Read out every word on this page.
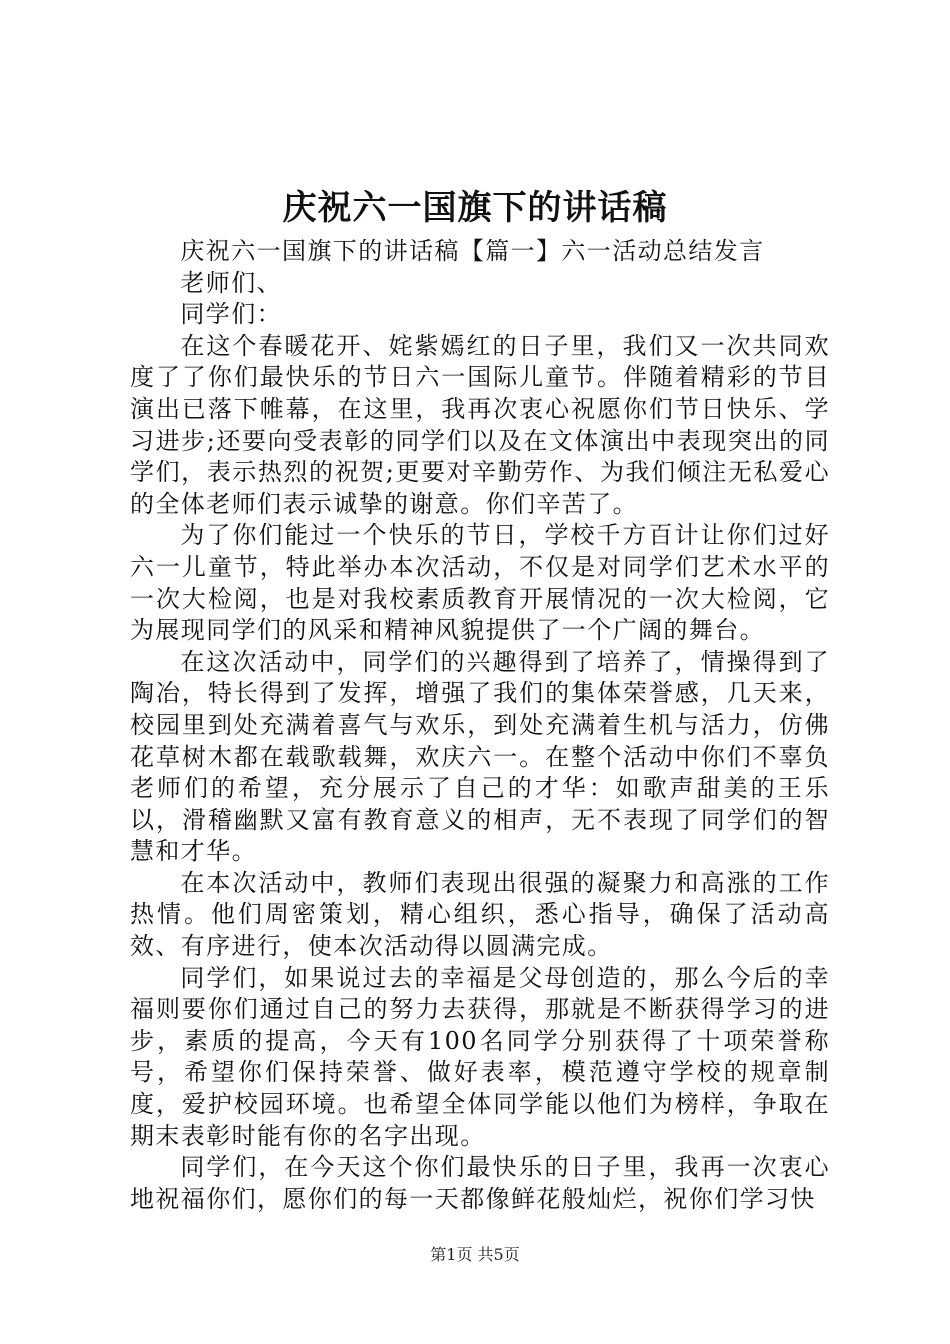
庆祝六一国旗下的讲话稿

庆祝六一国旗下的讲话稿【篇一】六一活动总结发言

老师们、

同学们：

在这个春暖花开、姹紫嫣红的日子里，我们又一次共同欢度了了你们最快乐的节日六一国际儿童节。伴随着精彩的节目演出已落下帷幕，在这里，我再次衷心祝愿你们节日快乐、学习进步;还要向受表彰的同学们以及在文体演出中表现突出的同学们，表示热烈的祝贺;更要对辛勤劳作、为我们倾注无私爱心的全体老师们表示诚挚的谢意。你们辛苦了。

为了你们能过一个快乐的节日，学校千方百计让你们过好六一儿童节，特此举办本次活动，不仅是对同学们艺术水平的一次大检阅，也是对我校素质教育开展情况的一次大检阅，它为展现同学们的风采和精神风貌提供了一个广阔的舞台。

在这次活动中，同学们的兴趣得到了培养了，情操得到了陶冶，特长得到了发挥，增强了我们的集体荣誉感，几天来，校园里到处充满着喜气与欢乐，到处充满着生机与活力，仿佛花草树木都在载歌载舞，欢庆六一。在整个活动中你们不辜负老师们的希望，充分展示了自己的才华：如歌声甜美的王乐以，滑稽幽默又富有教育意义的相声，无不表现了同学们的智慧和才华。

在本次活动中，教师们表现出很强的凝聚力和高涨的工作热情。他们周密策划，精心组织，悉心指导，确保了活动高效、有序进行，使本次活动得以圆满完成。

同学们，如果说过去的幸福是父母创造的，那么今后的幸福则要你们通过自己的努力去获得，那就是不断获得学习的进步，素质的提高，今天有100名同学分别获得了十项荣誉称号，希望你们保持荣誉、做好表率，模范遵守学校的规章制度，爱护校园环境。也希望全体同学能以他们为榜样，争取在期末表彰时能有你的名字出现。

同学们，在今天这个你们最快乐的日子里，我再一次衷心地祝福你们，愿你们的每一天都像鲜花般灿烂，祝你们学习快

第1页 共5页
